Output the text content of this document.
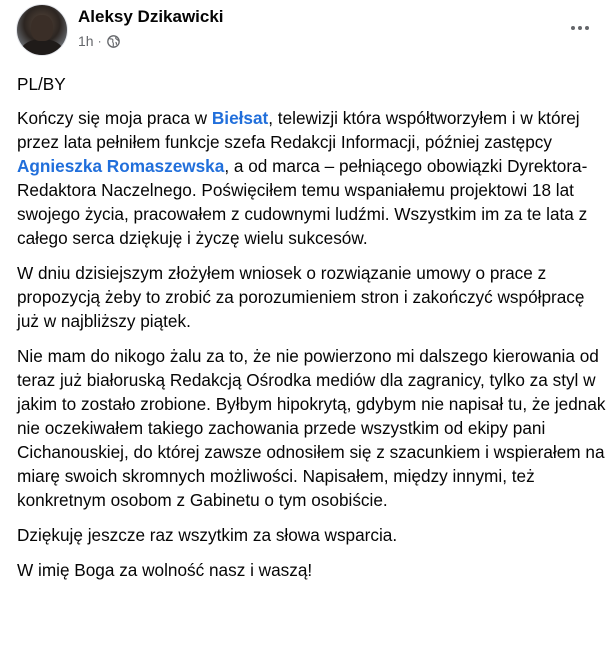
Aleksy Dzikawicki
1h ·

PL/BY

Kończy się moja praca w Biełsat, telewizji która współtworzyłem i w której przez lata pełniłem funkcje szefa Redakcji Informacji, później zastępcy Agnieszka Romaszewska, a od marca – pełniącego obowiązki Dyrektora-Redaktora Naczelnego. Poświęciłem temu wspaniałemu projektowi 18 lat swojego życia, pracowałem z cudownymi ludźmi. Wszystkim im za te lata z całego serca dziękuję i życzę wielu sukcesów.

W dniu dzisiejszym złożyłem wniosek o rozwiązanie umowy o prace z propozycją żeby to zrobić za porozumieniem stron i zakończyć współpracę już w najbliższy piątek.

Nie mam do nikogo żalu za to, że nie powierzono mi dalszego kierowania od teraz już białoruską Redakcją Ośrodka mediów dla zagranicy, tylko za styl w jakim to zostało zrobione. Byłbym hipokrytą, gdybym nie napisał tu, że jednak nie oczekiwałem takiego zachowania przede wszystkim od ekipy pani Cichanouskiej, do której zawsze odnosiłem się z szacunkiem i wspierałem na miarę swoich skromnych możliwości. Napisałem, między innymi, też konkretnym osobom z Gabinetu o tym osobiście.

Dziękuję jeszcze raz wszytkim za słowa wsparcia.

W imię Boga za wolność nasz i waszą!
